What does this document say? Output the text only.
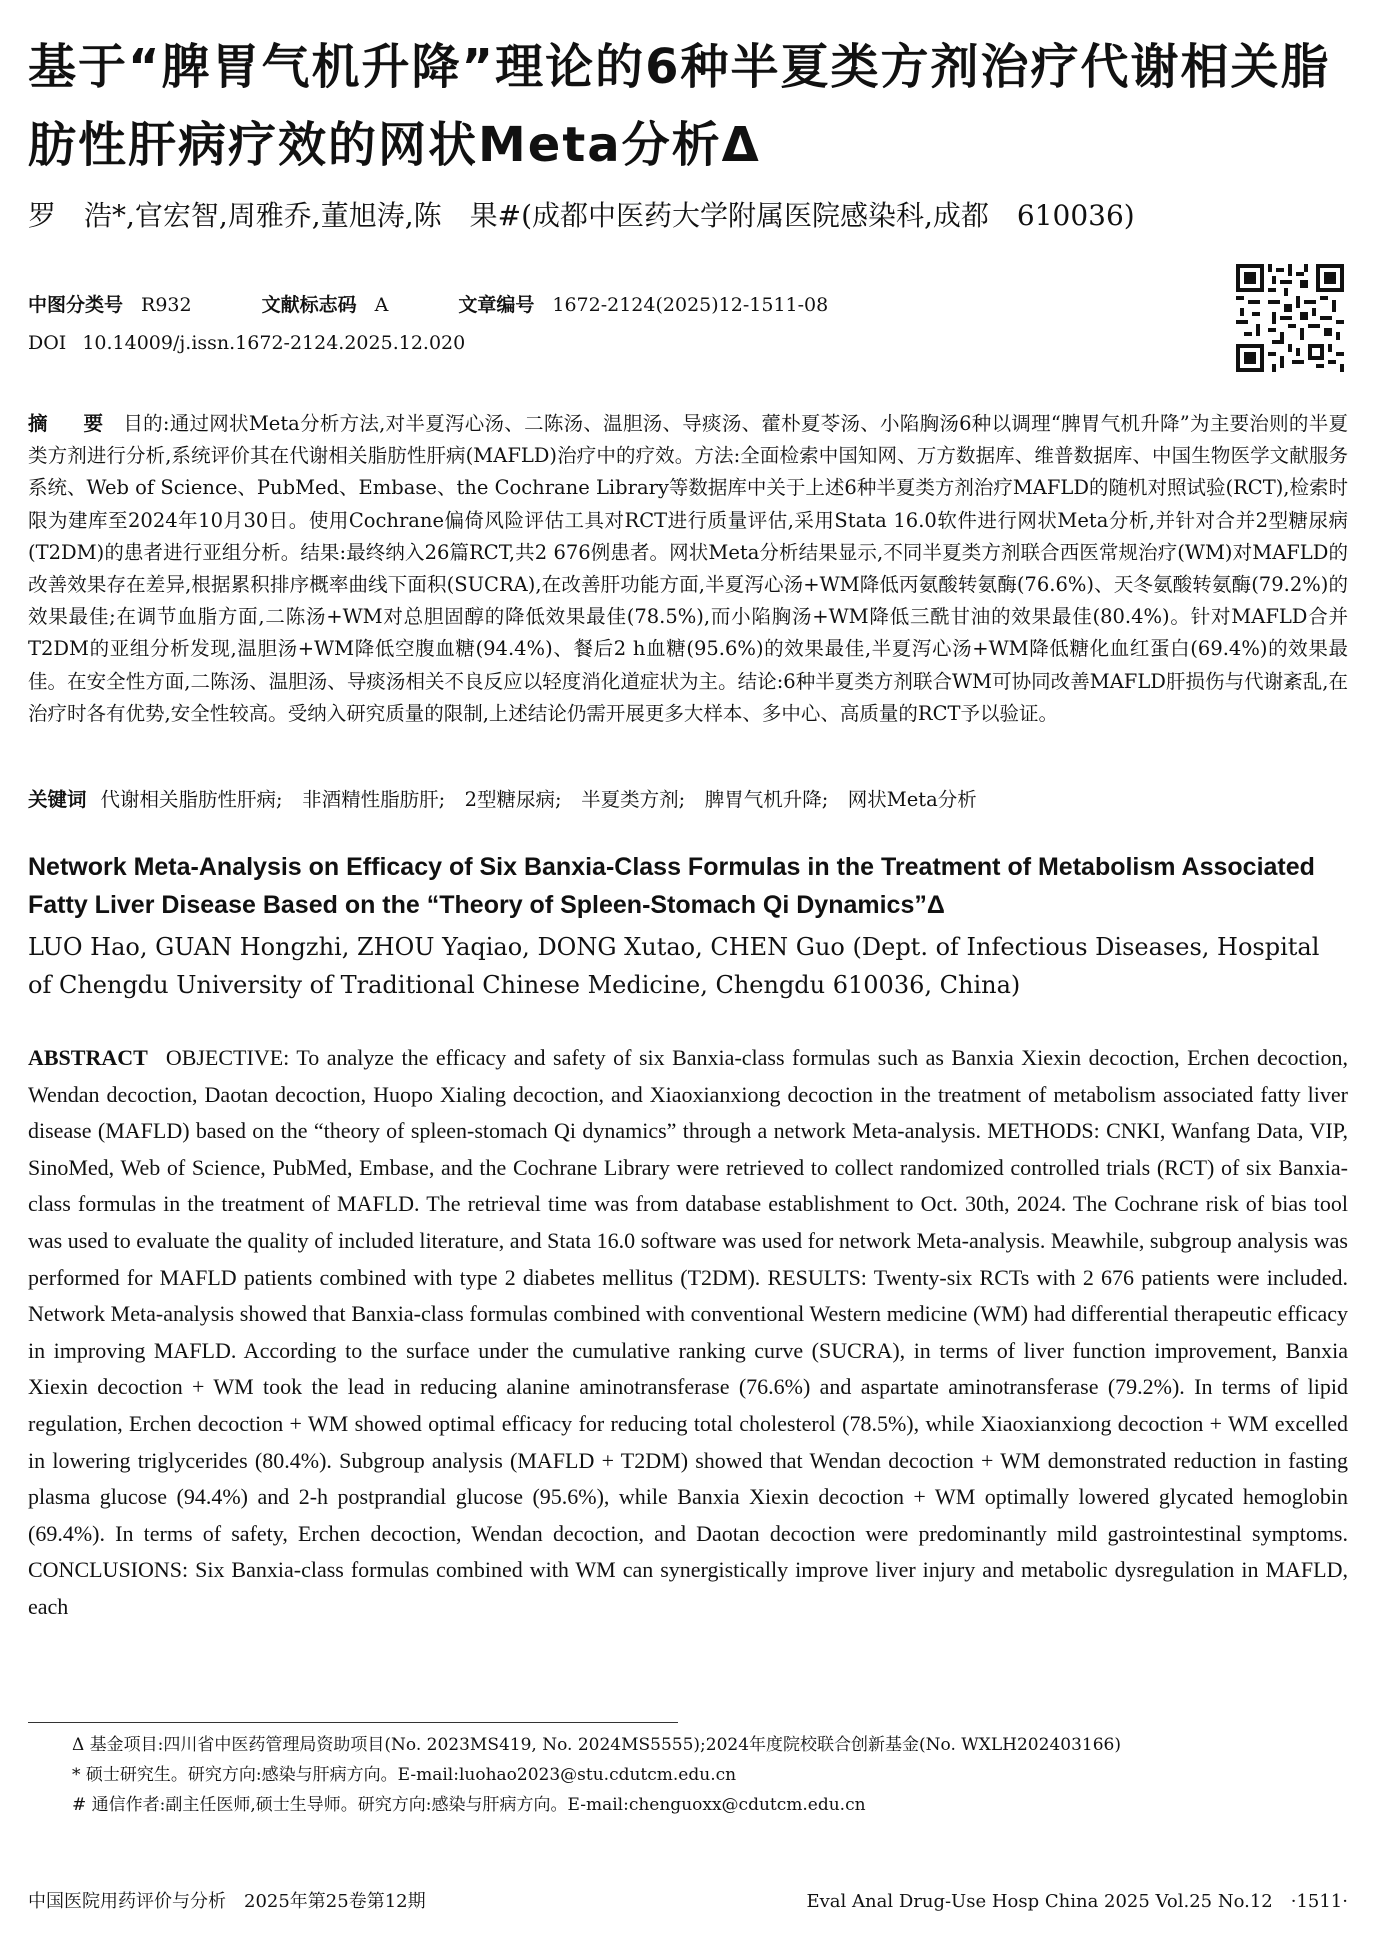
基于“脾胃气机升降”理论的6种半夏类方剂治疗代谢相关脂肪性肝病疗效的网状Meta分析Δ

罗　浩*,官宏智,周雅乔,董旭涛,陈　果#(成都中医药大学附属医院感染科,成都　610036)

中图分类号 R932	文献标志码 A	文章编号 1672-2124(2025)12-1511-08
DOI 10.14009/j.issn.1672-2124.2025.12.020

摘　要 目的:通过网状Meta分析方法,对半夏泻心汤、二陈汤、温胆汤、导痰汤、藿朴夏苓汤、小陷胸汤6种以调理“脾胃气机升降”为主要治则的半夏类方剂进行分析,系统评价其在代谢相关脂肪性肝病(MAFLD)治疗中的疗效。方法:全面检索中国知网、万方数据库、维普数据库、中国生物医学文献服务系统、Web of Science、PubMed、Embase、the Cochrane Library等数据库中关于上述6种半夏类方剂治疗MAFLD的随机对照试验(RCT),检索时限为建库至2024年10月30日。使用Cochrane偏倚风险评估工具对RCT进行质量评估,采用Stata 16.0软件进行网状Meta分析,并针对合并2型糖尿病(T2DM)的患者进行亚组分析。结果:最终纳入26篇RCT,共2 676例患者。网状Meta分析结果显示,不同半夏类方剂联合西医常规治疗(WM)对MAFLD的改善效果存在差异,根据累积排序概率曲线下面积(SUCRA),在改善肝功能方面,半夏泻心汤+WM降低丙氨酸转氨酶(76.6%)、天冬氨酸转氨酶(79.2%)的效果最佳;在调节血脂方面,二陈汤+WM对总胆固醇的降低效果最佳(78.5%),而小陷胸汤+WM降低三酰甘油的效果最佳(80.4%)。针对MAFLD合并T2DM的亚组分析发现,温胆汤+WM降低空腹血糖(94.4%)、餐后2 h血糖(95.6%)的效果最佳,半夏泻心汤+WM降低糖化血红蛋白(69.4%)的效果最佳。在安全性方面,二陈汤、温胆汤、导痰汤相关不良反应以轻度消化道症状为主。结论:6种半夏类方剂联合WM可协同改善MAFLD肝损伤与代谢紊乱,在治疗时各有优势,安全性较高。受纳入研究质量的限制,上述结论仍需开展更多大样本、多中心、高质量的RCT予以验证。

关键词 代谢相关脂肪性肝病;　非酒精性脂肪肝;　2型糖尿病;　半夏类方剂;　脾胃气机升降;　网状Meta分析

Network Meta-Analysis on Efficacy of Six Banxia-Class Formulas in the Treatment of Metabolism Associated Fatty Liver Disease Based on the “Theory of Spleen-Stomach Qi Dynamics”Δ

LUO Hao, GUAN Hongzhi, ZHOU Yaqiao, DONG Xutao, CHEN Guo (Dept. of Infectious Diseases, Hospital of Chengdu University of Traditional Chinese Medicine, Chengdu 610036, China)

ABSTRACT OBJECTIVE: To analyze the efficacy and safety of six Banxia-class formulas such as Banxia Xiexin decoction, Erchen decoction, Wendan decoction, Daotan decoction, Huopo Xialing decoction, and Xiaoxianxiong decoction in the treatment of metabolism associated fatty liver disease (MAFLD) based on the “theory of spleen-stomach Qi dynamics” through a network Meta-analysis. METHODS: CNKI, Wanfang Data, VIP, SinoMed, Web of Science, PubMed, Embase, and the Cochrane Library were retrieved to collect randomized controlled trials (RCT) of six Banxia-class formulas in the treatment of MAFLD. The retrieval time was from database establishment to Oct. 30th, 2024. The Cochrane risk of bias tool was used to evaluate the quality of included literature, and Stata 16.0 software was used for network Meta-analysis. Meawhile, subgroup analysis was performed for MAFLD patients combined with type 2 diabetes mellitus (T2DM). RESULTS: Twenty-six RCTs with 2 676 patients were included. Network Meta-analysis showed that Banxia-class formulas combined with conventional Western medicine (WM) had differential therapeutic efficacy in improving MAFLD. According to the surface under the cumulative ranking curve (SUCRA), in terms of liver function improvement, Banxia Xiexin decoction + WM took the lead in reducing alanine aminotransferase (76.6%) and aspartate aminotransferase (79.2%). In terms of lipid regulation, Erchen decoction + WM showed optimal efficacy for reducing total cholesterol (78.5%), while Xiaoxianxiong decoction + WM excelled in lowering triglycerides (80.4%). Subgroup analysis (MAFLD + T2DM) showed that Wendan decoction + WM demonstrated reduction in fasting plasma glucose (94.4%) and 2-h postprandial glucose (95.6%), while Banxia Xiexin decoction + WM optimally lowered glycated hemoglobin (69.4%). In terms of safety, Erchen decoction, Wendan decoction, and Daotan decoction were predominantly mild gastrointestinal symptoms. CONCLUSIONS: Six Banxia-class formulas combined with WM can synergistically improve liver injury and metabolic dysregulation in MAFLD, each

Δ 基金项目:四川省中医药管理局资助项目(No. 2023MS419, No. 2024MS5555);2024年度院校联合创新基金(No. WXLH202403166)
* 硕士研究生。研究方向:感染与肝病方向。E-mail:luohao2023@stu.cdutcm.edu.cn
# 通信作者:副主任医师,硕士生导师。研究方向:感染与肝病方向。E-mail:chenguoxx@cdutcm.edu.cn
中国医院用药评价与分析　2025年第25卷第12期	Eval Anal Drug-Use Hosp China 2025 Vol.25 No.12　·1511·
